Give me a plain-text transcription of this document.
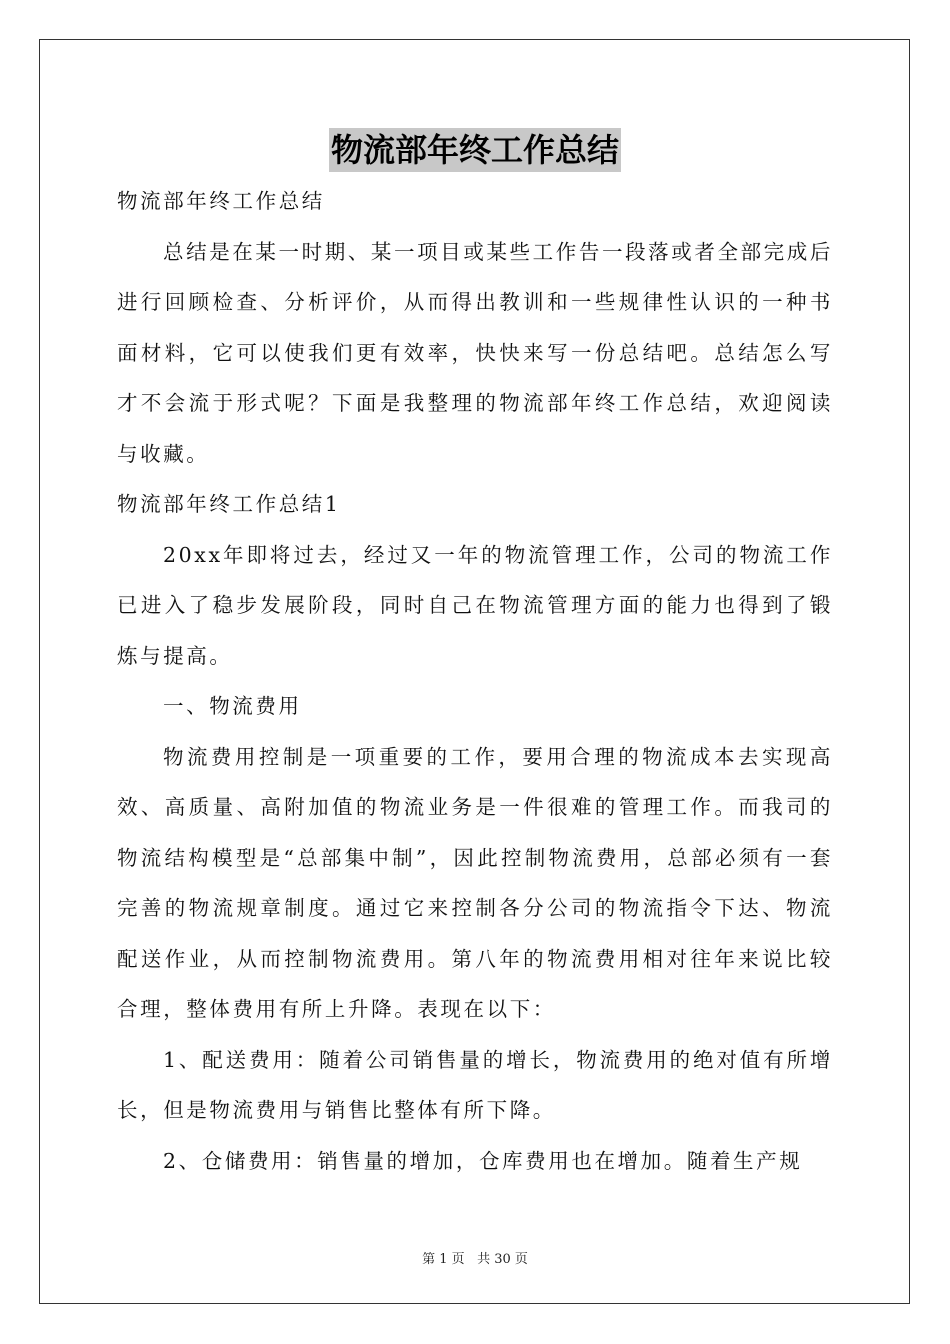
物流部年终工作总结

物流部年终工作总结

总结是在某一时期、某一项目或某些工作告一段落或者全部完成后进行回顾检查、分析评价，从而得出教训和一些规律性认识的一种书面材料，它可以使我们更有效率，快快来写一份总结吧。总结怎么写才不会流于形式呢？下面是我整理的物流部年终工作总结，欢迎阅读与收藏。

物流部年终工作总结1

20xx年即将过去，经过又一年的物流管理工作，公司的物流工作已进入了稳步发展阶段，同时自己在物流管理方面的能力也得到了锻炼与提高。

一、物流费用

物流费用控制是一项重要的工作，要用合理的物流成本去实现高效、高质量、高附加值的物流业务是一件很难的管理工作。而我司的物流结构模型是“总部集中制”，因此控制物流费用，总部必须有一套完善的物流规章制度。通过它来控制各分公司的物流指令下达、物流配送作业，从而控制物流费用。第八年的物流费用相对往年来说比较合理，整体费用有所上升降。表现在以下：

1、配送费用：随着公司销售量的增长，物流费用的绝对值有所增长，但是物流费用与销售比整体有所下降。

2、仓储费用：销售量的增加，仓库费用也在增加。随着生产规

第 1 页 共 30 页
